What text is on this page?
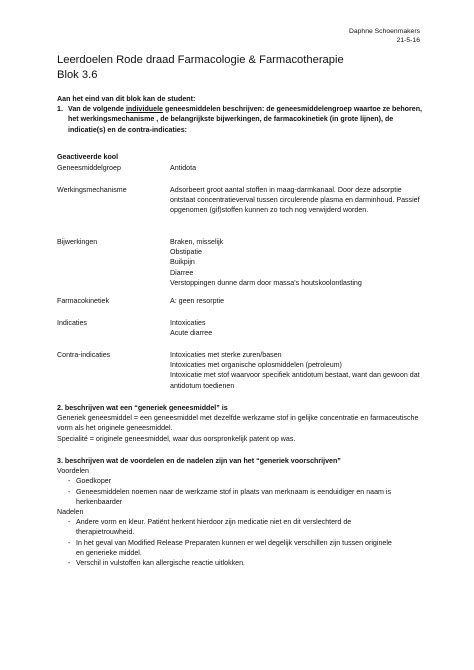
Daphne Schoenmakers
21-5-16
Leerdoelen Rode draad Farmacologie & Farmacotherapie
Blok 3.6
Aan het eind van dit blok kan de student:
1. Van de volgende individuele geneesmiddelen beschrijven: de geneesmiddelengroep waartoe ze behoren, het werkingsmechanisme , de belangrijkste bijwerkingen, de farmacokinetiek (in grote lijnen), de indicatie(s) en de contra-indicaties:
Geactiveerde kool
Geneesmiddelgroep	Antidota
Werkingsmechanisme	Adsorbeert groot aantal stoffen in maag-darmkanaal. Door deze adsorptie ontstaat concentratieverval tussen circulerende plasma en darminhoud. Passief opgenomen (gif)stoffen kunnen zo toch nog verwijderd worden.
Bijwerkingen	Braken, misselijk
Obstipatie
Buikpijn
Diarree
Verstoppingen dunne darm door massa's houtskoolontlasting
Farmacokinetiek	A: geen resorptie
Indicaties	Intoxicaties
Acute diarree
Contra-indicaties	Intoxicaties met sterke zuren/basen
Intoxicaties met organische oplosmiddelen (petroleum)
Intoxicatie met stof waarvoor specifiek antidotum bestaat, want dan gewoon dat antidotum toedienen
2. beschrijven wat een “generiek geneesmiddel” is
Generiek geneesmiddel = een geneesmiddel met dezelfde werkzame stof in gelijke concentratie en farmaceutische vorm als het originele geneesmiddel.
Specialité = originele geneesmiddel, waar dus oorspronkelijk patent op was.
3. beschrijven wat de voordelen en de nadelen zijn van het “generiek voorschrijven”
Voordelen
- Goedkoper
- Geneesmiddelen noemen naar de werkzame stof in plaats van merknaam is eenduidiger en naam is herkenbaarder
Nadelen
- Andere vorm en kleur. Patiënt herkent hierdoor zijn medicatie niet en dit verslechterd de therapietrouwheid.
- In het geval van Modified Release Preparaten kunnen er wel degelijk verschillen zijn tussen originele en generieke middel.
- Verschil in vulstoffen kan allergische reactie uitlokken.
